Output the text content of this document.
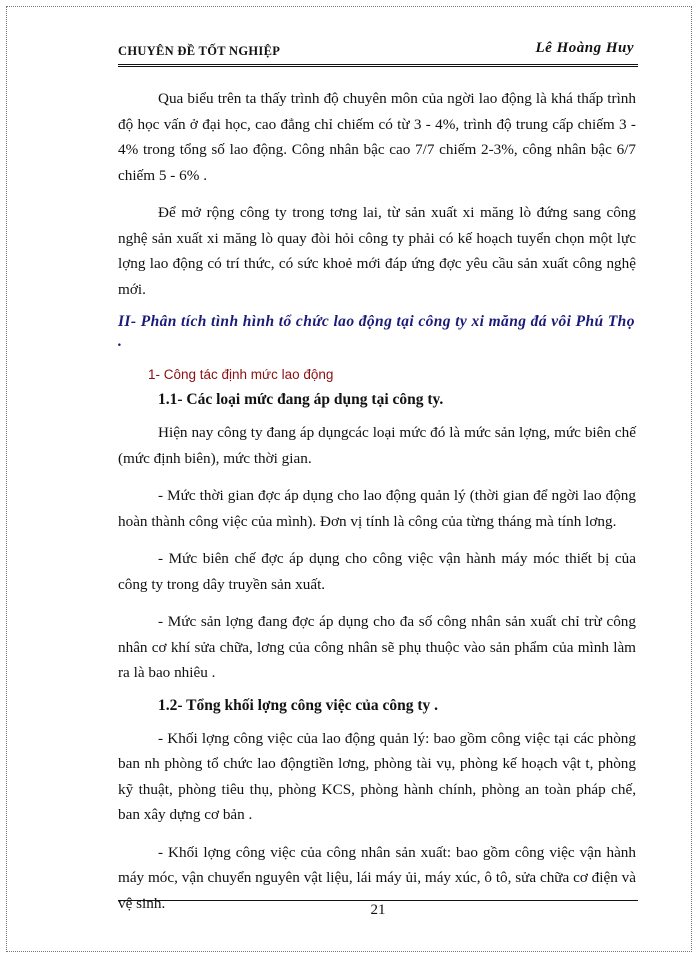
CHUYÊN ĐỀ TỐT NGHIỆP	Lê Hoàng Huy

Qua biểu trên ta thấy trình độ chuyên môn của ngời lao động là khá thấp trình độ học vấn ở đại học, cao đẳng chỉ chiếm có từ 3 - 4%, trình độ trung cấp chiếm 3 - 4% trong tổng số lao động. Công nhân bậc cao 7/7 chiếm 2-3%, công nhân bậc 6/7 chiếm 5 - 6% .

Để mở rộng công ty trong tơng lai, từ sản xuất xi măng lò đứng sang công nghệ sản xuất xi măng lò quay đòi hỏi công ty phải có kế hoạch tuyển chọn một lực lợng lao động có trí thức, có sức khoẻ mới đáp ứng đợc yêu cầu sản xuất công nghệ mới.

II- Phân tích tình hình tổ chức lao động tại công ty xi măng đá vôi Phú Thọ .
1- Công tác định mức lao động
1.1- Các loại mức đang áp dụng tại công ty.

Hiện nay công ty đang áp dụngcác loại mức đó là mức sản lợng, mức biên chế (mức định biên), mức thời gian.

- Mức thời gian đợc áp dụng cho lao động quản lý (thời gian để ngời lao động hoàn thành công việc của mình). Đơn vị tính là công của từng tháng mà tính lơng.

- Mức biên chế đợc áp dụng cho công việc vận hành máy móc thiết bị của công ty trong dây truyền sản xuất.

- Mức sản lợng đang đợc áp dụng cho đa số công nhân sản xuất chỉ trừ công nhân cơ khí sửa chữa, lơng của công nhân sẽ phụ thuộc vào sản phẩm của mình làm ra là bao nhiêu .

1.2- Tổng khối lợng công việc của công ty .

- Khối lợng công việc của lao động quản lý: bao gồm công việc tại các phòng ban nh phòng tổ chức lao độngtiền lơng, phòng tài vụ, phòng kế hoạch vật t, phòng kỹ thuật, phòng tiêu thụ, phòng KCS, phòng hành chính, phòng an toàn pháp chế, ban xây dựng cơ bản .

- Khối lợng công việc của công nhân sản xuất: bao gồm công việc vận hành máy móc, vận chuyển nguyên vật liệu, lái máy ủi, máy xúc, ô tô, sửa chữa cơ điện và vệ sinh.	21
